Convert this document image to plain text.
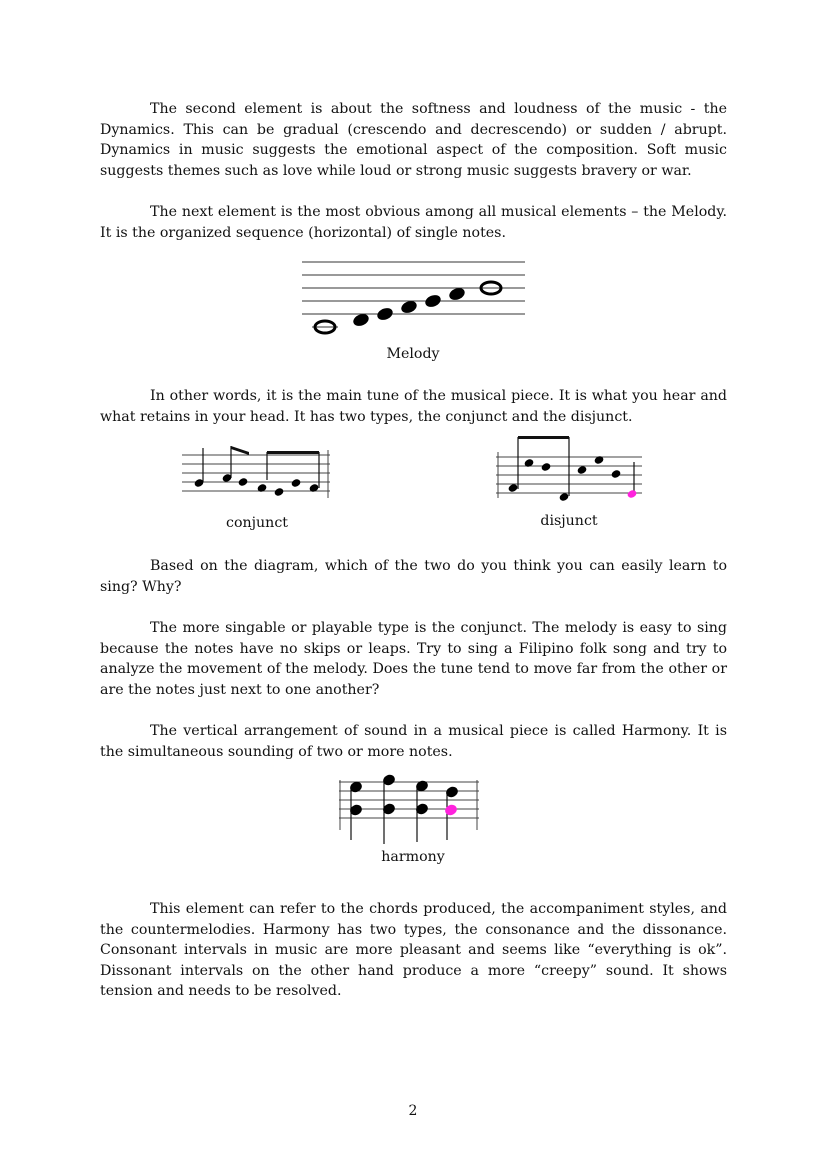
The second element is about the softness and loudness of the music - the Dynamics. This can be gradual (crescendo and decrescendo) or sudden / abrupt. Dynamics in music suggests the emotional aspect of the composition. Soft music suggests themes such as love while loud or strong music suggests bravery or war.

The next element is the most obvious among all musical elements – the Melody. It is the organized sequence (horizontal) of single notes.

Melody

In other words, it is the main tune of the musical piece. It is what you hear and what retains in your head. It has two types, the conjunct and the disjunct.

conjunct	disjunct

Based on the diagram, which of the two do you think you can easily learn to sing? Why?

The more singable or playable type is the conjunct. The melody is easy to sing because the notes have no skips or leaps. Try to sing a Filipino folk song and try to analyze the movement of the melody. Does the tune tend to move far from the other or are the notes just next to one another?

The vertical arrangement of sound in a musical piece is called Harmony. It is the simultaneous sounding of two or more notes.

harmony

This element can refer to the chords produced, the accompaniment styles, and the countermelodies. Harmony has two types, the consonance and the dissonance. Consonant intervals in music are more pleasant and seems like “everything is ok”. Dissonant intervals on the other hand produce a more “creepy” sound. It shows tension and needs to be resolved.

2
